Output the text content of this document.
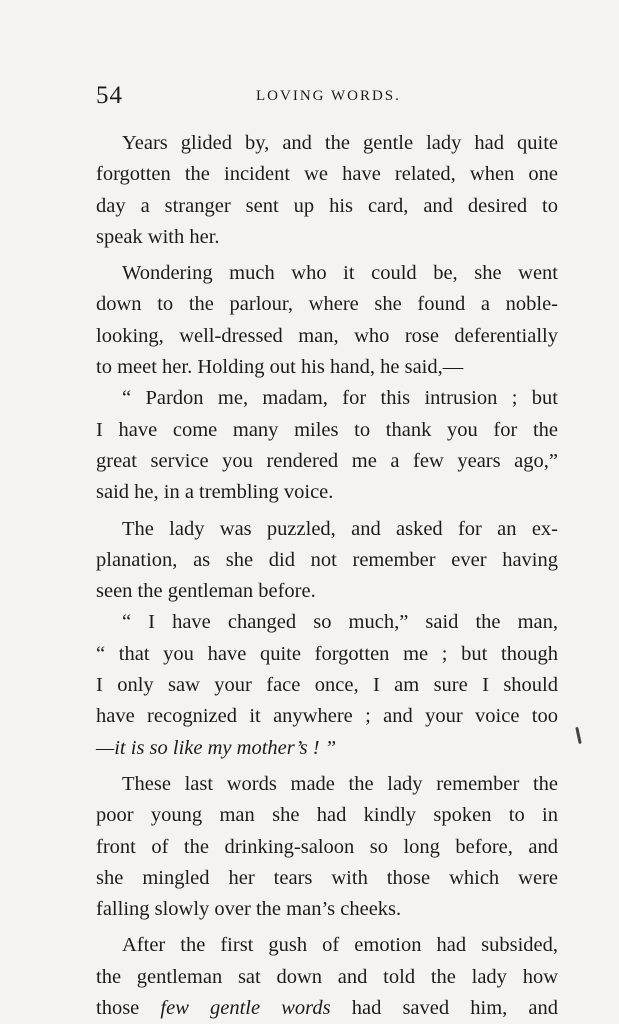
54	LOVING WORDS.
Years glided by, and the gentle lady had quite
forgotten the incident we have related, when one
day a stranger sent up his card, and desired to
speak with her.
Wondering much who it could be, she went
down to the parlour, where she found a noble-
looking, well-dressed man, who rose deferentially
to meet her. Holding out his hand, he said,—
“ Pardon me, madam, for this intrusion ; but
I have come many miles to thank you for the
great service you rendered me a few years ago,”
said he, in a trembling voice.
The lady was puzzled, and asked for an ex-
planation, as she did not remember ever having
seen the gentleman before.
“ I have changed so much,” said the man,
“ that you have quite forgotten me ; but though
I only saw your face once, I am sure I should
have recognized it anywhere ; and your voice too
—it is so like my mother’s ! ”
These last words made the lady remember the
poor young man she had kindly spoken to in
front of the drinking-saloon so long before, and
she mingled her tears with those which were
falling slowly over the man’s cheeks.
After the first gush of emotion had subsided,
the gentleman sat down and told the lady how
those few gentle words had saved him, and
